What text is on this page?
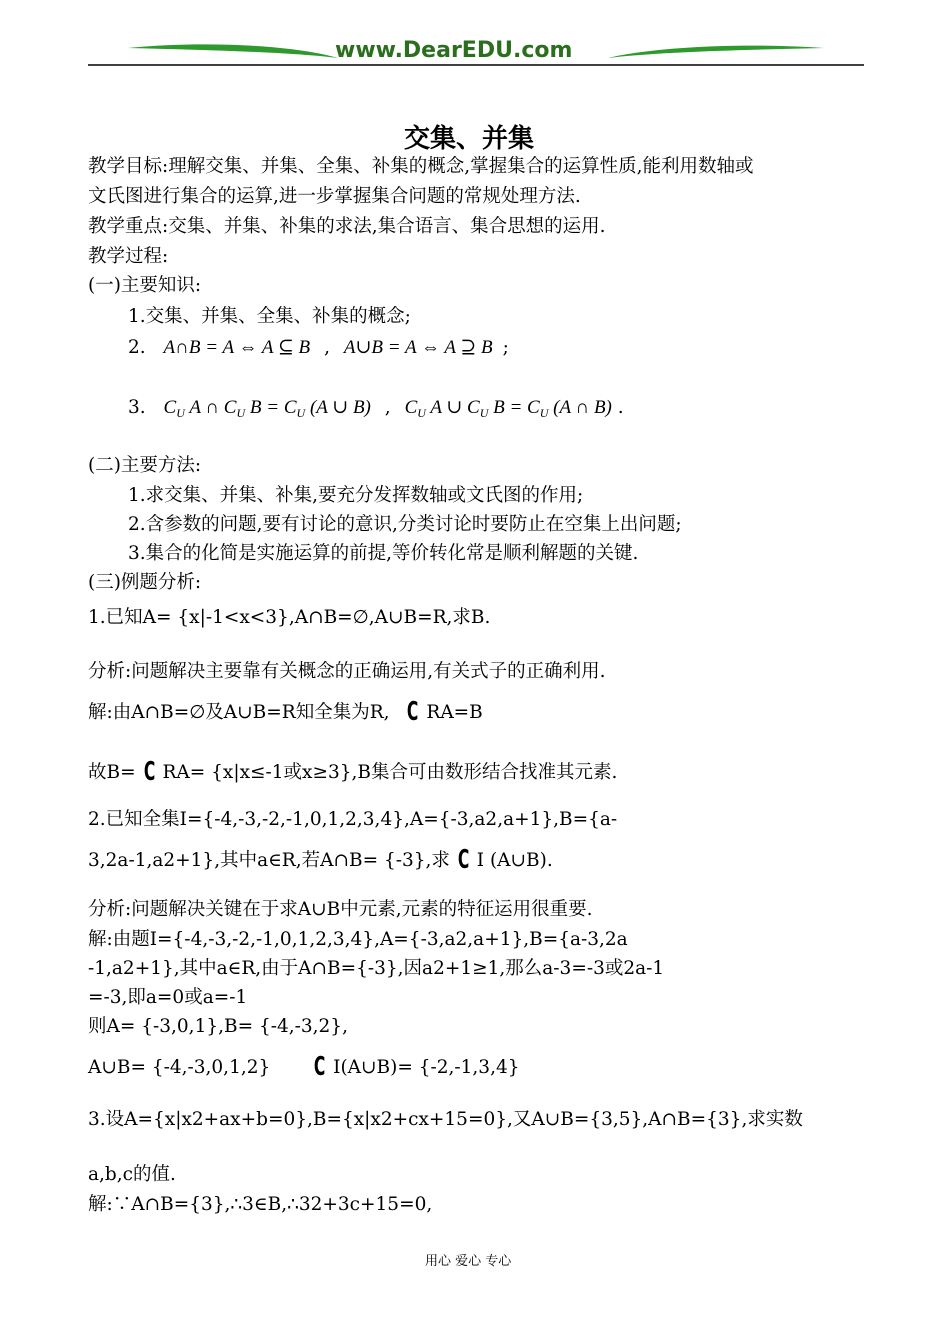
www.DearEDU.com
交集、并集
教学目标:理解交集、并集、全集、补集的概念,掌握集合的运算性质,能利用数轴或
文氏图进行集合的运算,进一步掌握集合问题的常规处理方法.
教学重点:交集、并集、补集的求法,集合语言、集合思想的运用.
教学过程:
(一)主要知识:
1.交集、并集、全集、补集的概念;
2. A∩B = A ⇔ A ⊆ B , A∪B = A ⇔ A ⊇ B ;
3. $C_U$ A ∩ $C_U$ $B = C_U$ (A ∪ B) , $C_U$ A ∪ $C_U$ $B = C_U$ (A ∩ B) .
(二)主要方法:
1.求交集、并集、补集,要充分发挥数轴或文氏图的作用;
2.含参数的问题,要有讨论的意识,分类讨论时要防止在空集上出问题;
3.集合的化简是实施运算的前提,等价转化常是顺利解题的关键.
(三)例题分析:
1.已知A= {x|-1<x<3},A∩B=∅,A∪B=R,求B.
分析:问题解决主要靠有关概念的正确运用,有关式子的正确利用.
解:由A∩B=∅及A∪B=R知全集为R, C RA=B
故B= C RA= {x|x≤-1或x≥3},B集合可由数形结合找准其元素.
2.已知全集I={-4,-3,-2,-1,0,1,2,3,4},A={-3,a2,a+1},B={a-
3,2a-1,a2+1},其中a∈R,若A∩B= {-3},求 C I (A∪B).
分析:问题解决关键在于求A∪B中元素,元素的特征运用很重要.
解:由题I={-4,-3,-2,-1,0,1,2,3,4},A={-3,a2,a+1},B={a-3,2a
-1,a2+1},其中a∈R,由于A∩B={-3},因a2+1≥1,那么a-3=-3或2a-1
=-3,即a=0或a=-1
则A= {-3,0,1},B= {-4,-3,2},
A∪B= {-4,-3,0,1,2} C I(A∪B)= {-2,-1,3,4}
3.设A={x|x2+ax+b=0},B={x|x2+cx+15=0},又A∪B={3,5},A∩B={3},求实数
a,b,c的值.
解:∵A∩B={3},∴3∈B,∴32+3c+15=0,
用心 爱心 专心
